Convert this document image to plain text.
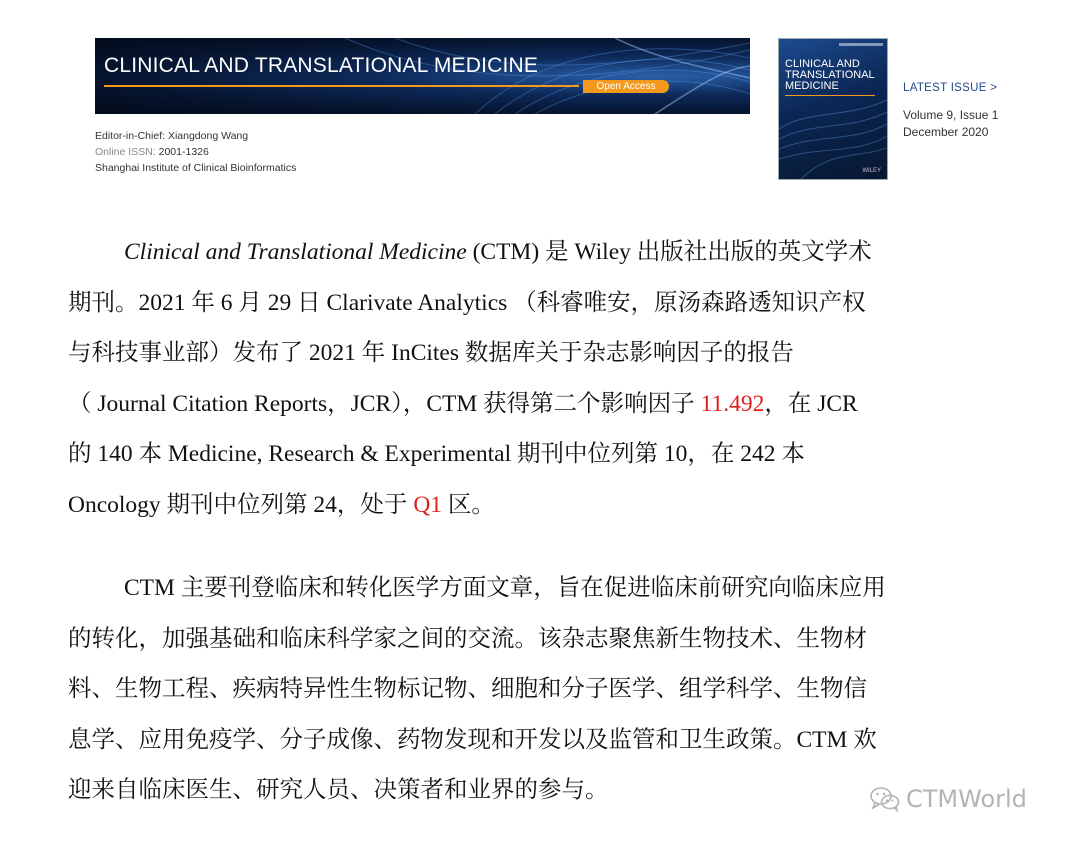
CLINICAL AND TRANSLATIONAL MEDICINE
Open Access
Editor-in-Chief: Xiangdong Wang
Online ISSN: 2001-1326
Shanghai Institute of Clinical Bioinformatics
CLINICAL AND
TRANSLATIONAL
MEDICINE
WILEY
LATEST ISSUE >
Volume 9, Issue 1
December 2020
Clinical and Translational Medicine (CTM) 是 Wiley 出版社出版的英文学术
期刊。2021 年 6 月 29 日 Clarivate Analytics （科睿唯安，原汤森路透知识产权
与科技事业部）发布了 2021 年 InCites 数据库关于杂志影响因子的报告
（ Journal Citation Reports，JCR），CTM 获得第二个影响因子 11.492，在 JCR
的 140 本 Medicine, Research & Experimental 期刊中位列第 10，在 242 本
Oncology 期刊中位列第 24，处于 Q1 区。
CTM 主要刊登临床和转化医学方面文章，旨在促进临床前研究向临床应用
的转化，加强基础和临床科学家之间的交流。该杂志聚焦新生物技术、生物材
料、生物工程、疾病特异性生物标记物、细胞和分子医学、组学科学、生物信
息学、应用免疫学、分子成像、药物发现和开发以及监管和卫生政策。CTM 欢
迎来自临床医生、研究人员、决策者和业界的参与。	CTMWorld
